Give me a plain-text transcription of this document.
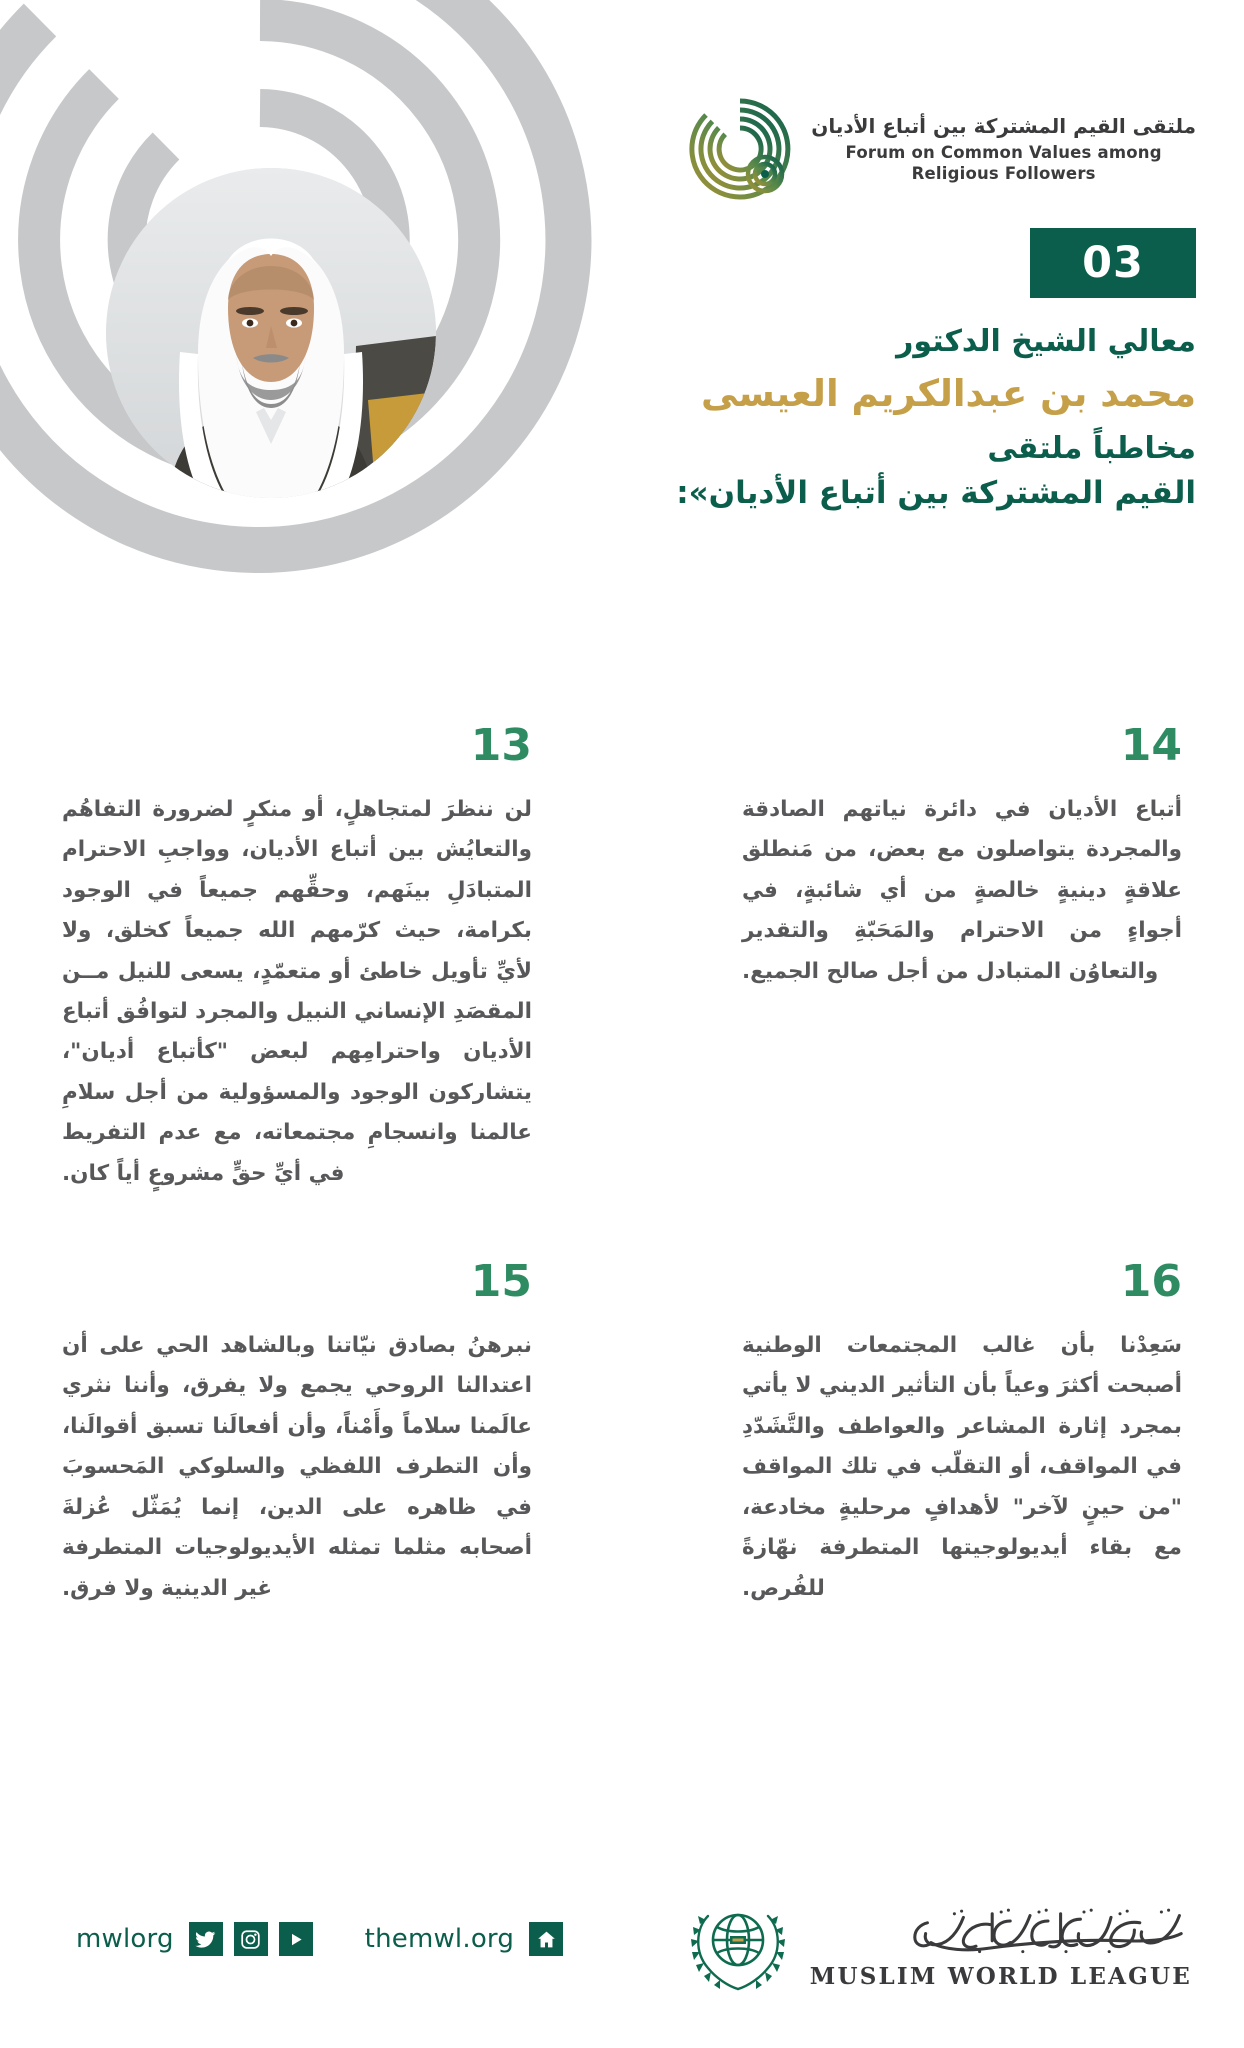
ملتقى القيم المشتركة بين أتباع الأديان
Forum on Common Values among
Religious Followers
03
معالي الشيخ الدكتور
محمد بن عبدالكريم العيسى
مخاطباً ملتقى
القيم المشتركة بين أتباع الأديان»:
14
أتباع الأديان في دائرة نياتهم الصادقة والمجردة يتواصلون مع بعض، من مَنطلق علاقةٍ دينيةٍ خالصةٍ من أي شائبةٍ، في أجواءٍ من الاحترام والمَحَبّةِ والتقدير والتعاوُن المتبادل من أجل صالح الجميع.
13
لن ننظرَ لمتجاهلٍ، أو منكرٍ لضرورة التفاهُم والتعايُش بين أتباع الأديان، وواجبِ الاحترام المتبادَلِ بينَهم، وحقِّهم جميعاً في الوجود بكرامة، حيث كرّمهم الله جميعاً كخلق، ولا لأيِّ تأويل خاطئ أو متعمّدٍ، يسعى للنيل مــن المقصَدِ الإنساني النبيل والمجرد لتوافُق أتباع الأديان واحترامِهم لبعض "كأتباع أديان"، يتشاركون الوجود والمسؤولية من أجل سلامِ عالمنا وانسجامِ مجتمعاته، مع عدم التفريط في أيِّ حقٍّ مشروعٍ أياً كان.
16
سَعِدْنا بأن غالب المجتمعات الوطنية أصبحت أكثرَ وعياً بأن التأثير الديني لا يأتي بمجرد إثارة المشاعر والعواطف والتَّشَدّدِ في المواقف، أو التقلّب في تلك المواقف "من حينٍ لآخر" لأهدافٍ مرحليةٍ مخادعة، مع بقاء أيديولوجيتها المتطرفة نهّازةً للفُرص.
15
نبرهنُ بصادق نيّاتنا وبالشاهد الحي على أن اعتدالنا الروحي يجمع ولا يفرق، وأننا نثري عالَمنا سلاماً وأَمْناً، وأن أفعالَنا تسبق أقوالَنا، وأن التطرف اللفظي والسلوكي المَحسوبَ في ظاهره على الدين، إنما يُمَثّل عُزلةَ أصحابه مثلما تمثله الأيديولوجيات المتطرفة غير الدينية ولا فرق.
mwlorg	themwl.org
MUSLIM WORLD LEAGUE
